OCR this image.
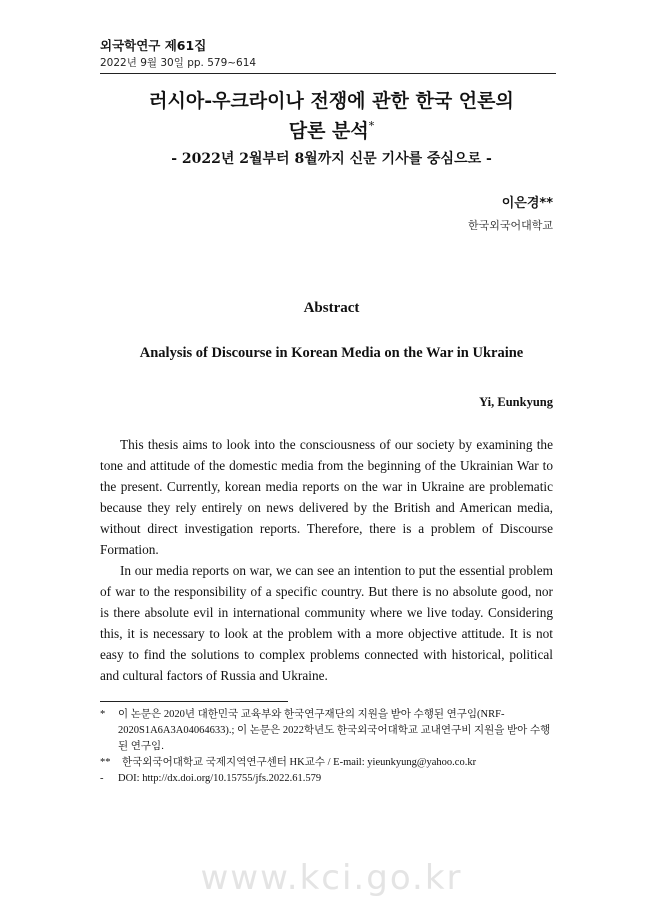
외국학연구 제61집
2022년 9월 30일 pp. 579~614
러시아-우크라이나 전쟁에 관한 한국 언론의
담론 분석*
- 2022년 2월부터 8월까지 신문 기사를 중심으로 -
이은경**
한국외국어대학교
Abstract
Analysis of Discourse in Korean Media on the War in Ukraine
Yi, Eunkyung

This thesis aims to look into the consciousness of our society by examining the tone and attitude of the domestic media from the beginning of the Ukrainian War to the present. Currently, korean media reports on the war in Ukraine are problematic because they rely entirely on news delivered by the British and American media, without direct investigation reports. Therefore, there is a problem of Discourse Formation.

In our media reports on war, we can see an intention to put the essential problem of war to the responsibility of a specific country. But there is no absolute good, nor is there absolute evil in international community where we live today. Considering this, it is necessary to look at the problem with a more objective attitude. It is not easy to find the solutions to complex problems connected with historical, political and cultural factors of Russia and Ukraine.

*	이 논문은 2020년 대한민국 교육부와 한국연구재단의 지원을 받아 수행된 연구임(NRF-2020S1A6A3A04064633).; 이 논문은 2022학년도 한국외국어대학교 교내연구비 지원을 받아 수행된 연구임.
**	한국외국어대학교 국제지역연구센터 HK교수 / E-mail: yieunkyung@yahoo.co.kr
-	DOI: http://dx.doi.org/10.15755/jfs.2022.61.579
www.kci.go.kr
